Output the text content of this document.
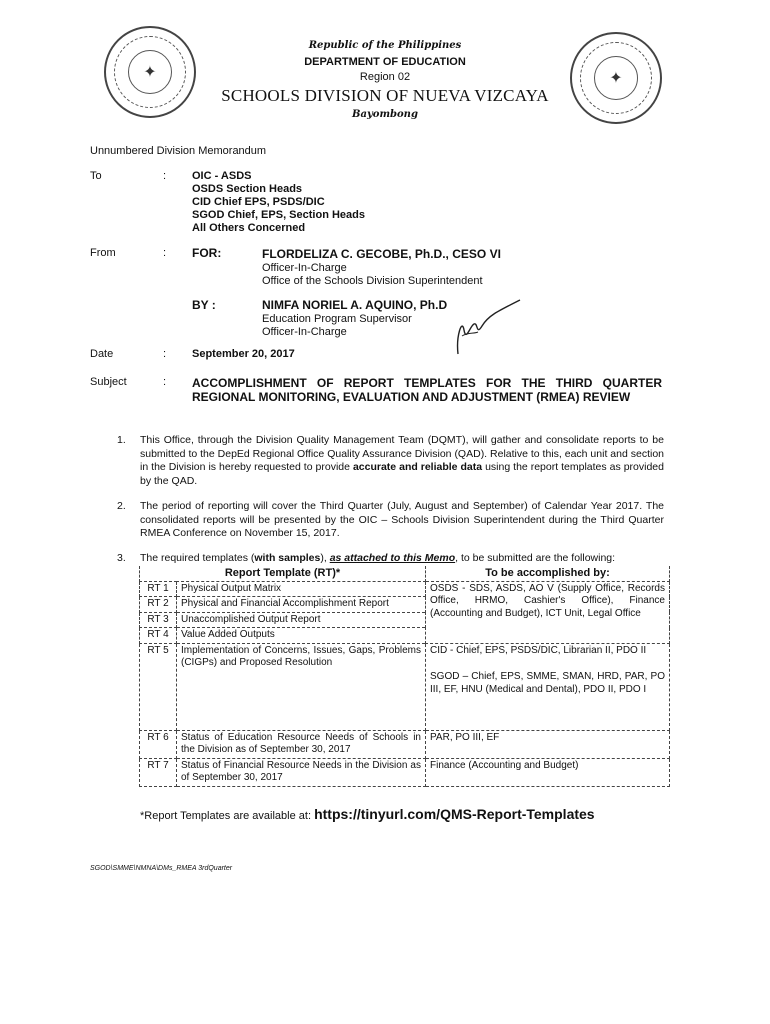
✦	✦
Republic of the Philippines
DEPARTMENT OF EDUCATION
Region 02
SCHOOLS DIVISION OF NUEVA VIZCAYA
Bayombong
Unnumbered Division Memorandum
To	: OIC - ASDS
OSDS Section Heads
CID Chief EPS, PSDS/DIC
SGOD Chief, EPS, Section Heads
All Others Concerned
From	: FOR:	FLORDELIZA C. GECOBE, Ph.D., CESO VI
Officer-In-Charge
Office of the Schools Division Superintendent
BY :	NIMFA NORIEL A. AQUINO, Ph.D
Education Program Supervisor
Officer-In-Charge
Date	: September 20, 2017
Subject	: ACCOMPLISHMENT OF REPORT TEMPLATES FOR THE THIRD QUARTER REGIONAL MONITORING, EVALUATION AND ADJUSTMENT (RMEA) REVIEW
1. This Office, through the Division Quality Management Team (DQMT), will gather and consolidate reports to be submitted to the DepEd Regional Office Quality Assurance Division (QAD). Relative to this, each unit and section in the Division is hereby requested to provide accurate and reliable data using the report templates as provided by the QAD.
2. The period of reporting will cover the Third Quarter (July, August and September) of Calendar Year 2017. The consolidated reports will be presented by the OIC – Schools Division Superintendent during the Third Quarter RMEA Conference on November 15, 2017.
3. The required templates (with samples), as attached to this Memo, to be submitted are the following:
Report Template (RT)*		To be accomplished by:
RT 1	Physical Output Matrix	OSDS - SDS, ASDS, AO V (Supply Office, Records Office, HRMO, Cashier's Office), Finance (Accounting and Budget), ICT Unit, Legal Office
RT 2	Physical and Financial Accomplishment Report	
RT 3	Unaccomplished Output Report	
RT 4	Value Added Outputs	
RT 5	Implementation of Concerns, Issues, Gaps, Problems (CIGPs) and Proposed Resolution	CID - Chief, EPS, PSDS/DIC, Librarian II, PDO II
SGOD – Chief, EPS, SMME, SMAN, HRD, PAR, PO III, EF, HNU (Medical and Dental), PDO II, PDO I

RT 6	Status of Education Resource Needs of Schools in the Division as of September 30, 2017	PAR, PO III, EF
RT 7	Status of Financial Resource Needs in the Division as of September 30, 2017	Finance (Accounting and Budget)
*Report Templates are available at: https://tinyurl.com/QMS-Report-Templates
SGOD\SMME\NMNA\DMs_RMEA 3rdQuarter
